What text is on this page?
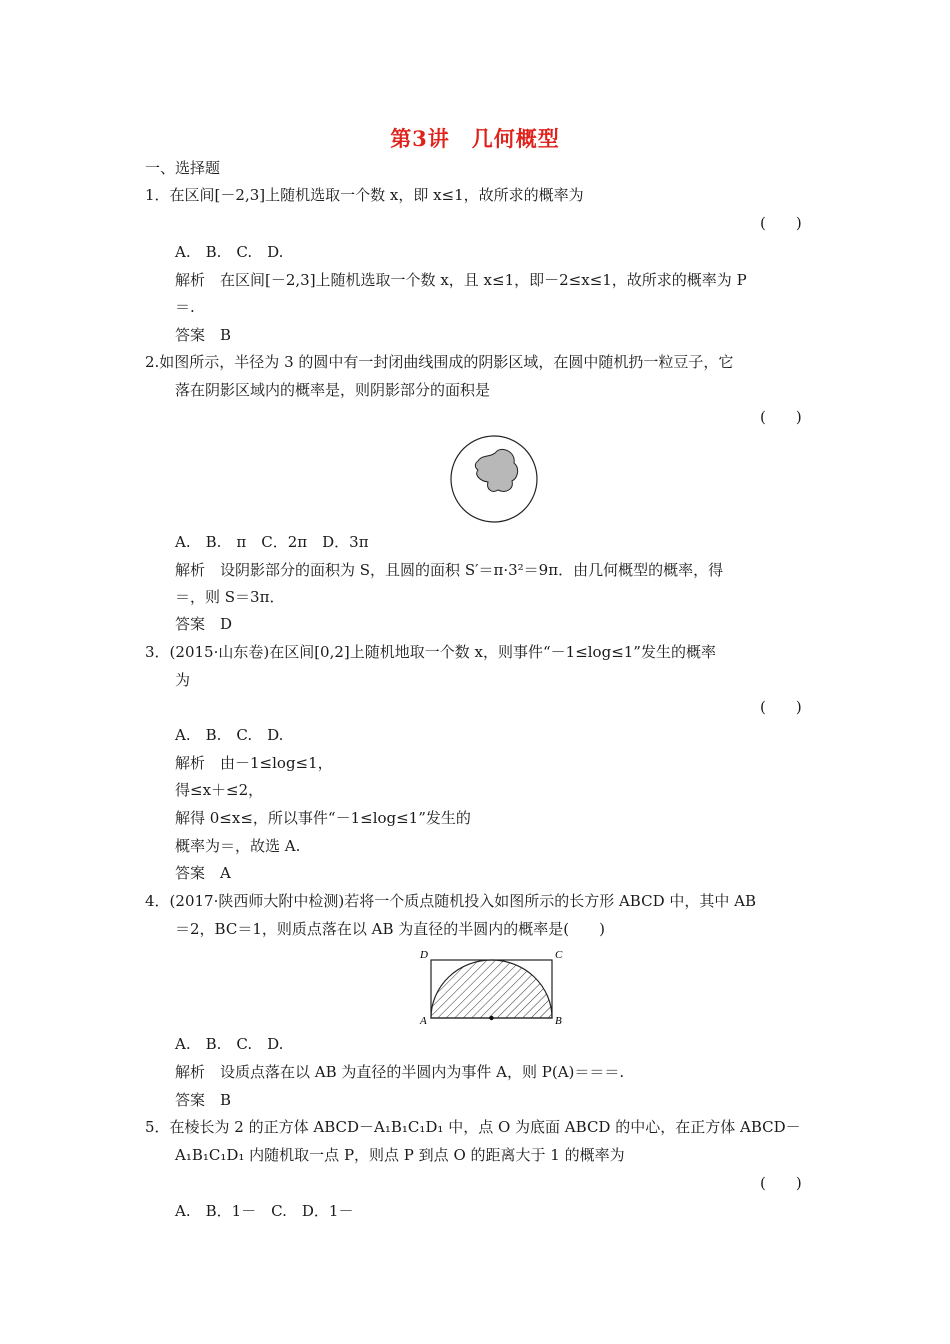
第3讲　几何概型
一、选择题
1．在区间[－2,3]上随机选取一个数 x，即 x≤1，故所求的概率为
(　　)
A.　B.　C.　D.
解析　在区间[－2,3]上随机选取一个数 x，且 x≤1，即－2≤x≤1，故所求的概率为 P
＝.
答案　B
2.如图所示，半径为 3 的圆中有一封闭曲线围成的阴影区域，在圆中随机扔一粒豆子，它
落在阴影区域内的概率是，则阴影部分的面积是
(　　)
A.　B.　π　C．2π　D．3π
解析　设阴影部分的面积为 S，且圆的面积 S′＝π·3²＝9π．由几何概型的概率，得
＝，则 S＝3π．
答案　D
3．(2015·山东卷)在区间[0,2]上随机地取一个数 x，则事件“－1≤log≤1”发生的概率
为
(　　)
A.　B.　C.　D.
解析　由－1≤log≤1，
得≤x＋≤2，
解得 0≤x≤，所以事件“－1≤log≤1”发生的
概率为＝，故选 A.
答案　A
4．(2017·陕西师大附中检测)若将一个质点随机投入如图所示的长方形 ABCD 中，其中 AB
＝2，BC＝1，则质点落在以 AB 为直径的半圆内的概率是(　　)
D	C
A	B
A.　B.　C.　D.
解析　设质点落在以 AB 为直径的半圆内为事件 A，则 P(A)＝＝＝.
答案　B
5．在棱长为 2 的正方体 ABCD－A₁B₁C₁D₁ 中，点 O 为底面 ABCD 的中心，在正方体 ABCD－
A₁B₁C₁D₁ 内随机取一点 P，则点 P 到点 O 的距离大于 1 的概率为
(　　)
A.　B．1－　C.　D．1－
